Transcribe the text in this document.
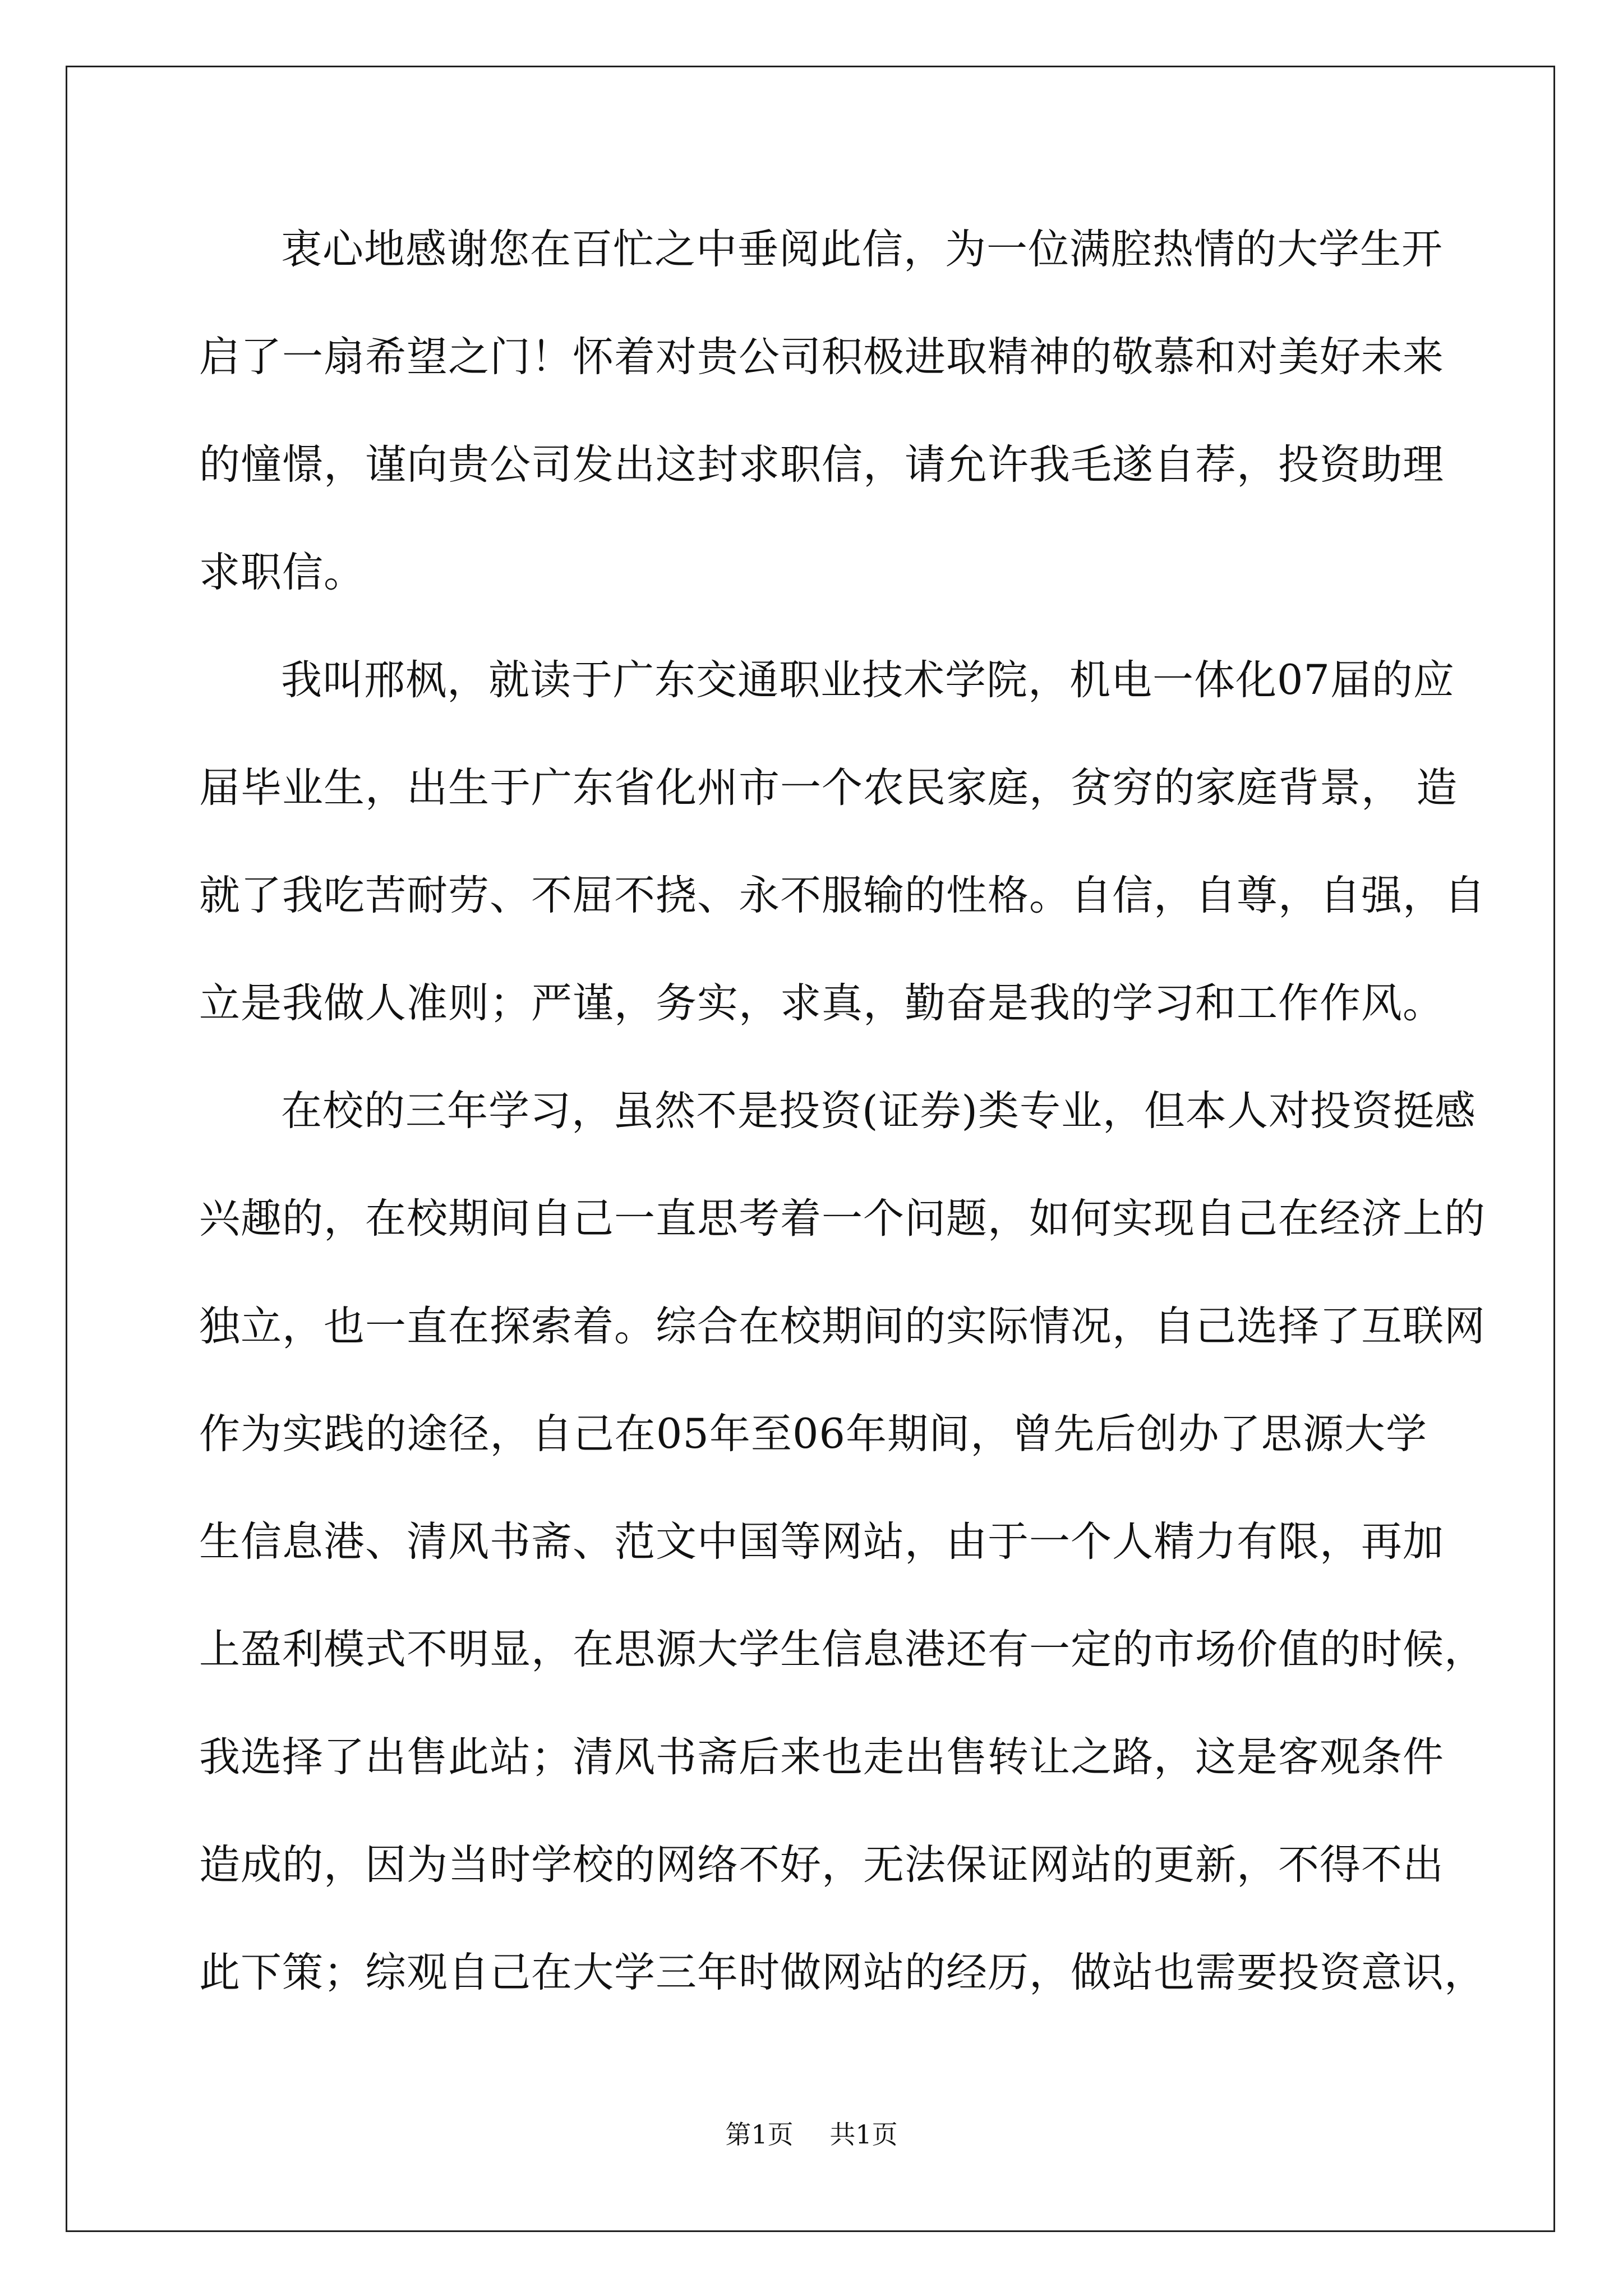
衷心地感谢您在百忙之中垂阅此信，为一位满腔热情的大学生开
启了一扇希望之门！怀着对贵公司积极进取精神的敬慕和对美好未来
的憧憬，谨向贵公司发出这封求职信，请允许我毛遂自荐，投资助理
求职信。
我叫邢枫，就读于广东交通职业技术学院，机电一体化07届的应
届毕业生，出生于广东省化州市一个农民家庭，贫穷的家庭背景， 造
就了我吃苦耐劳、不屈不挠、永不服输的性格。自信，自尊，自强，自
立是我做人准则；严谨，务实，求真，勤奋是我的学习和工作作风。
在校的三年学习，虽然不是投资(证券)类专业，但本人对投资挺感
兴趣的，在校期间自己一直思考着一个问题，如何实现自己在经济上的
独立，也一直在探索着。综合在校期间的实际情况，自己选择了互联网
作为实践的途径，自己在05年至06年期间，曾先后创办了思源大学
生信息港、清风书斋、范文中国等网站，由于一个人精力有限，再加
上盈利模式不明显，在思源大学生信息港还有一定的市场价值的时候，
我选择了出售此站；清风书斋后来也走出售转让之路，这是客观条件
造成的，因为当时学校的网络不好，无法保证网站的更新，不得不出
此下策；综观自己在大学三年时做网站的经历，做站也需要投资意识，
第1页 共1页
